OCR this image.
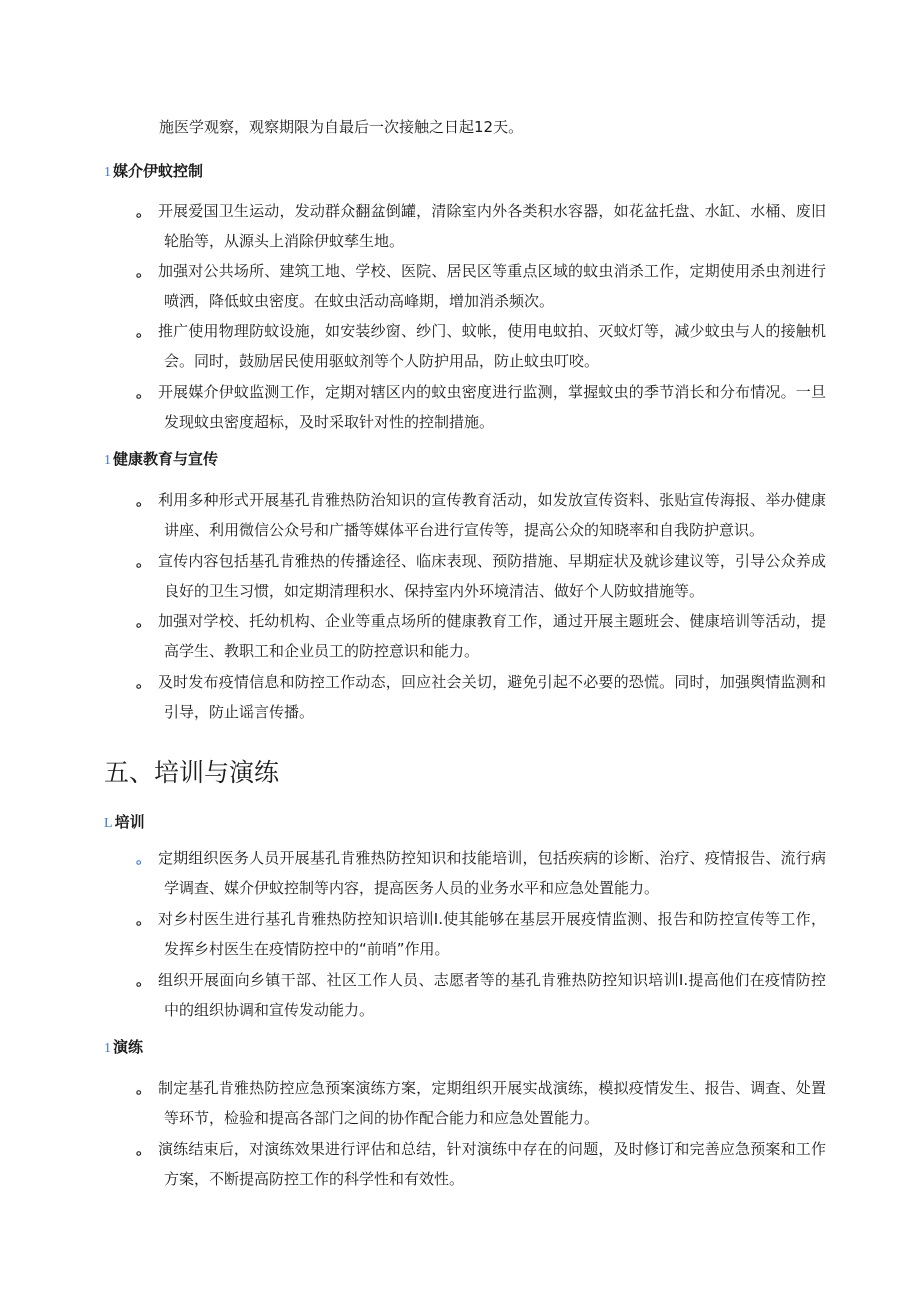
施医学观察，观察期限为自最后一次接触之日起12天。
1 媒介伊蚊控制
。 开展爱国卫生运动，发动群众翻盆倒罐，清除室内外各类积水容器，如花盆托盘、水缸、水桶、废旧轮胎等，从源头上消除伊蚊孳生地。
。 加强对公共场所、建筑工地、学校、医院、居民区等重点区域的蚊虫消杀工作，定期使用杀虫剂进行喷洒，降低蚊虫密度。在蚊虫活动高峰期，增加消杀频次。
。 推广使用物理防蚊设施，如安装纱窗、纱门、蚊帐，使用电蚊拍、灭蚊灯等，减少蚊虫与人的接触机会。同时，鼓励居民使用驱蚊剂等个人防护用品，防止蚊虫叮咬。
。 开展媒介伊蚊监测工作，定期对辖区内的蚊虫密度进行监测，掌握蚊虫的季节消长和分布情况。一旦发现蚊虫密度超标，及时采取针对性的控制措施。
1 健康教育与宣传
。 利用多种形式开展基孔肯雅热防治知识的宣传教育活动，如发放宣传资料、张贴宣传海报、举办健康讲座、利用微信公众号和广播等媒体平台进行宣传等，提高公众的知晓率和自我防护意识。
。 宣传内容包括基孔肯雅热的传播途径、临床表现、预防措施、早期症状及就诊建议等，引导公众养成良好的卫生习惯，如定期清理积水、保持室内外环境清洁、做好个人防蚊措施等。
。 加强对学校、托幼机构、企业等重点场所的健康教育工作，通过开展主题班会、健康培训等活动，提高学生、教职工和企业员工的防控意识和能力。
。 及时发布疫情信息和防控工作动态，回应社会关切，避免引起不必要的恐慌。同时，加强舆情监测和引导，防止谣言传播。
五、培训与演练
L 培训
。 定期组织医务人员开展基孔肯雅热防控知识和技能培训，包括疾病的诊断、治疗、疫情报告、流行病学调查、媒介伊蚊控制等内容，提高医务人员的业务水平和应急处置能力。
。 对乡村医生进行基孔肯雅热防控知识培训I.使其能够在基层开展疫情监测、报告和防控宣传等工作，发挥乡村医生在疫情防控中的“前哨”作用。
。 组织开展面向乡镇干部、社区工作人员、志愿者等的基孔肯雅热防控知识培训I.提高他们在疫情防控中的组织协调和宣传发动能力。
1 演练
。 制定基孔肯雅热防控应急预案演练方案，定期组织开展实战演练，模拟疫情发生、报告、调查、处置等环节，检验和提高各部门之间的协作配合能力和应急处置能力。
。 演练结束后，对演练效果进行评估和总结，针对演练中存在的问题，及时修订和完善应急预案和工作方案，不断提高防控工作的科学性和有效性。
